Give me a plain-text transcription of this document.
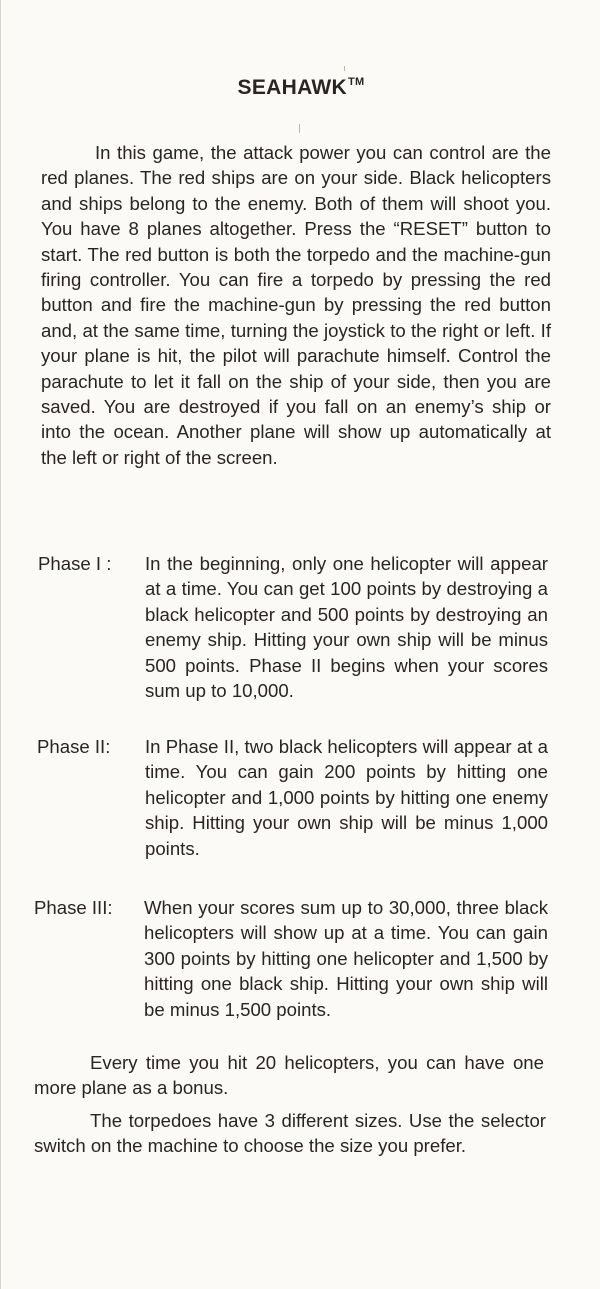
SEAHAWK™

In this game, the attack power you can control are the red planes. The red ships are on your side. Black helicopters and ships belong to the enemy. Both of them will shoot you. You have 8 planes altogether. Press the “RESET” button to start. The red button is both the torpedo and the machine-gun firing controller. You can fire a torpedo by pressing the red button and fire the machine-gun by pressing the red button and, at the same time, turning the joystick to the right or left. If your plane is hit, the pilot will parachute himself. Control the parachute to let it fall on the ship of your side, then you are saved. You are destroyed if you fall on an enemy’s ship or into the ocean. Another plane will show up automatically at the left or right of the screen.

Phase I : In the beginning, only one helicopter will appear at a time. You can get 100 points by destroying a black helicopter and 500 points by destroying an enemy ship. Hitting your own ship will be minus 500 points. Phase II begins when your scores sum up to 10,000.

Phase II: In Phase II, two black helicopters will appear at a time. You can gain 200 points by hitting one helicopter and 1,000 points by hitting one enemy ship. Hitting your own ship will be minus 1,000 points.

Phase III: When your scores sum up to 30,000, three black helicopters will show up at a time. You can gain 300 points by hitting one helicopter and 1,500 by hitting one black ship. Hitting your own ship will be minus 1,500 points.

Every time you hit 20 helicopters, you can have one more plane as a bonus.

The torpedoes have 3 different sizes. Use the selector switch on the machine to choose the size you prefer.
